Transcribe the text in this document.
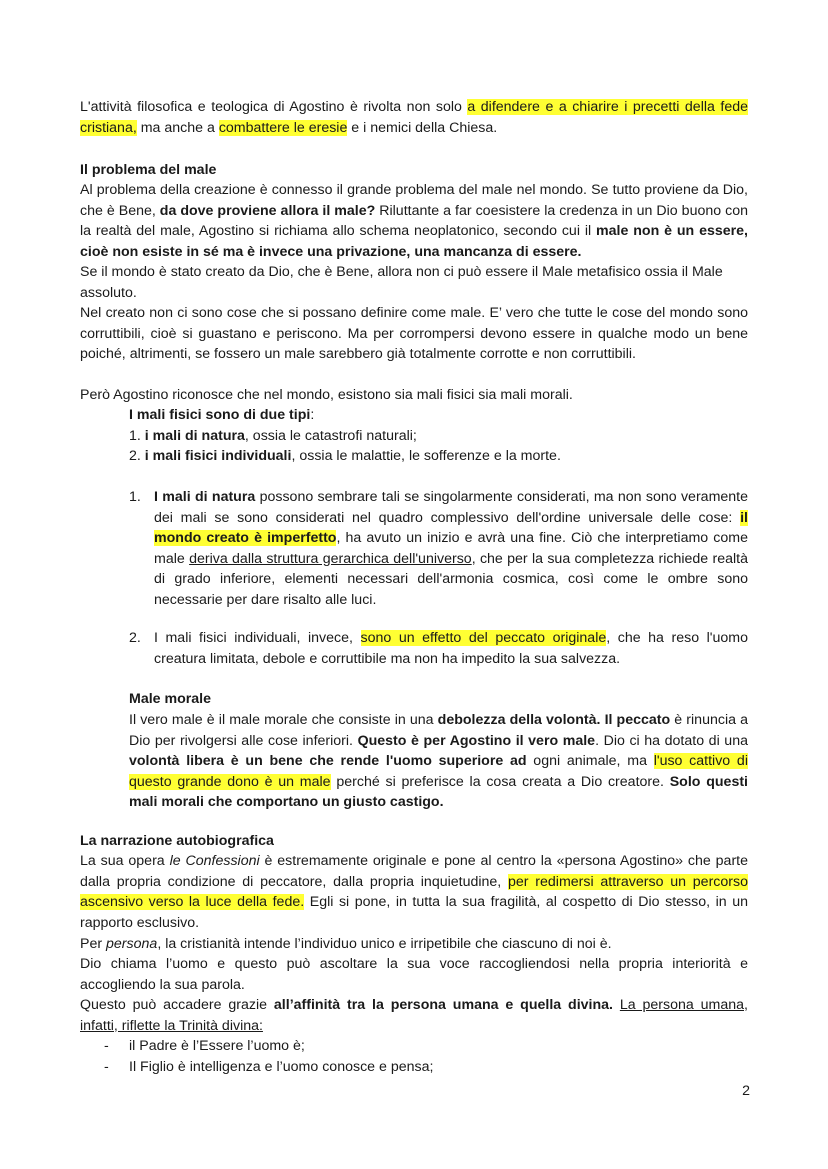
L'attività filosofica e teologica di Agostino è rivolta non solo a difendere e a chiarire i precetti della fede cristiana, ma anche a combattere le eresie e i nemici della Chiesa.

Il problema del male

Al problema della creazione è connesso il grande problema del male nel mondo. Se tutto proviene da Dio, che è Bene, da dove proviene allora il male? Riluttante a far coesistere la credenza in un Dio buono con la realtà del male, Agostino si richiama allo schema neoplatonico, secondo cui il male non è un essere, cioè non esiste in sé ma è invece una privazione, una mancanza di essere.

Se il mondo è stato creato da Dio, che è Bene, allora non ci può essere il Male metafisico ossia il Male assoluto.

Nel creato non ci sono cose che si possano definire come male. E’ vero che tutte le cose del mondo sono corruttibili, cioè si guastano e periscono. Ma per corrompersi devono essere in qualche modo un bene poiché, altrimenti, se fossero un male sarebbero già totalmente corrotte e non corruttibili.

Però Agostino riconosce che nel mondo, esistono sia mali fisici sia mali morali.

I mali fisici sono di due tipi:

1. i mali di natura, ossia le catastrofi naturali;

2. i mali fisici individuali, ossia le malattie, le sofferenze e la morte.

1. I mali di natura possono sembrare tali se singolarmente considerati, ma non sono veramente dei mali se sono considerati nel quadro complessivo dell'ordine universale delle cose: il mondo creato è imperfetto, ha avuto un inizio e avrà una fine. Ciò che interpretiamo come male deriva dalla struttura gerarchica dell'universo, che per la sua completezza richiede realtà di grado inferiore, elementi necessari dell'armonia cosmica, così come le ombre sono necessarie per dare risalto alle luci.

2. I mali fisici individuali, invece, sono un effetto del peccato originale, che ha reso l'uomo creatura limitata, debole e corruttibile ma non ha impedito la sua salvezza.

Male morale

Il vero male è il male morale che consiste in una debolezza della volontà. Il peccato è rinuncia a Dio per rivolgersi alle cose inferiori. Questo è per Agostino il vero male. Dio ci ha dotato di una volontà libera è un bene che rende l'uomo superiore ad ogni animale, ma l'uso cattivo di questo grande dono è un male perché si preferisce la cosa creata a Dio creatore. Solo questi mali morali che comportano un giusto castigo.

La narrazione autobiografica

La sua opera le Confessioni è estremamente originale e pone al centro la «persona Agostino» che parte dalla propria condizione di peccatore, dalla propria inquietudine, per redimersi attraverso un percorso ascensivo verso la luce della fede. Egli si pone, in tutta la sua fragilità, al cospetto di Dio stesso, in un rapporto esclusivo.

Per persona, la cristianità intende l’individuo unico e irripetibile che ciascuno di noi è.

Dio chiama l’uomo e questo può ascoltare la sua voce raccogliendosi nella propria interiorità e accogliendo la sua parola.

Questo può accadere grazie all’affinità tra la persona umana e quella divina. La persona umana, infatti, riflette la Trinità divina:

-	il Padre è l’Essere l’uomo è;

-	Il Figlio è intelligenza e l’uomo conosce e pensa;

2
